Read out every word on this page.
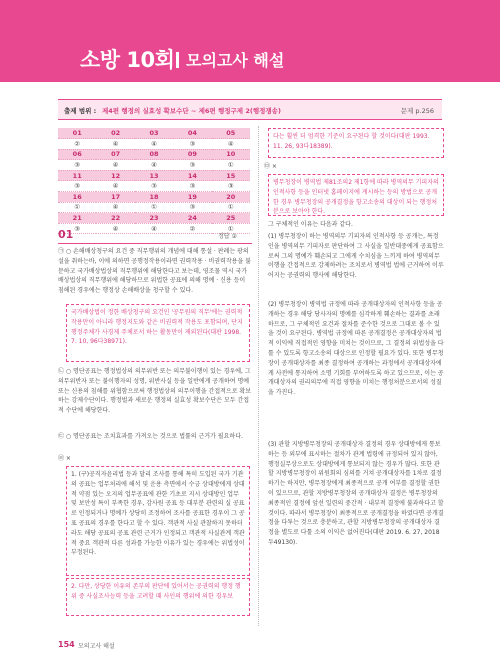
소방 10회 모의고사 해설
출제 범위 : 제4편 행정의 실효성 확보수단 ~ 제6편 행정구제 2(행정쟁송)	문제 p.256
01	02	03	04	05
②	④	④	③	④
06	07	08	09	10
③	④	④	③	①
11	12	13	14	15
③	④	③	③	③
16	17	18	19	20
①	④	①	③	①
21	22	23	24	25
③	④	④	②	①
01	정답 ②
㉠ ○ 손해배상청구의 요건 중 직무행위의 개념에 대해 통설 · 판례는 광의설을 취하는바, 이에 의하면 공행정작용이라면 권력작용 · 비권력작용을 불문하고 국가배상법상의 직무행위에 해당한다고 보는데, 영조물 역시 국가배상법상의 직무행위에 해당하므로 위법한 공표에 의해 명예 · 신용 등이 침해된 경우에는 행정상 손해배상을 청구할 수 있다.
국가배상법이 정한 배상청구의 요건인 '공무원의 직무'에는 권력적 작용만이 아니라 행정지도와 같은 비권력적 작용도 포함되며, 단지 행정주체가 사경제 주체로서 하는 활동만이 제외된다(대판 1998. 7. 10, 96다38971).
㉡ ○ 명단공표는 행정법상의 의무위반 또는 의무불이행이 있는 경우에, 그 의무위반자 또는 불이행자의 성명, 위반사실 등을 일반에게 공개하여 명예 또는 신용의 침해를 위협함으로써 행정법상의 의무이행을 간접적으로 확보하는 강제수단이다. 행정벌과 새로운 행정의 실효성 확보수단은 모두 간접적 수단에 해당한다.
㉢ ○ 명단공표는 조치효과를 가져오는 것으로 법률의 근거가 필요하다.
㉣ ×
1. (구)공직자윤리법 등과 달리 조사를 통해 특히 도입된 국가 기관의 공표는 업무처리에 해석 및 운용 측면에서 수긍 상대방에게 상대적 약점 있는 오지의 업무공표에 관한 기초로 지시 상대방인 업무 및 보안성 특이 부족한 경우, 감사원 공표 등 대부분 관련의 실 공표로 인정되거나 명예가 상당히 조정하여 조사를 공표한 경우이 그 공표 공표의 경우를 한다고 할 수 있다. 객관적 사실 관찰하지 못하더라도 해당 공표의 공표 관련 근거가 인정되고 객관적 사실관계 객관적 중요 객관적 다른 성과를 가능한 이유가 있는 경우에는 위법성이 부정된다.
2. 다만, 상당한 이유의 존부의 판단에 있어서는 공권력의 행정 행위 중 사실조사능력 등을 고려할 때 사인의 행위에 의한 경우보
다는 훨씬 더 엄격한 기준이 요구된다 할 것이다(대판 1993. 11. 26, 93다18389).
㉤ ×
병무청장이 병역법 제81조의2 제1항에 따라 병역의무 기피자의 인적사항 등을 인터넷 홈페이지에 게시하는 등의 방법으로 공개한 경우 병무청장의 공개결정을 항고소송의 대상이 되는 행정처분으로 보아야 한다.
그 구체적인 이유는 다음과 같다.
(1) 병무청장이 하는 병역의무 기피자의 인적사항 등 공개는, 특정인을 병역의무 기피자로 판단하여 그 사실을 일반대중에게 공표함으로써 그의 명예가 훼손되고 그에게 수치심을 느끼게 하여 병역의무이행을 간접적으로 강제하려는 조치로서 병역법 법에 근거하여 이루어지는 공권력의 행사에 해당한다.
(2) 병무청장이 병역법 규정에 따라 공개대상자의 인적사항 등을 공개하는 경우 해당 당사자의 명예를 심각하게 훼손하는 결과를 초래하므로, 그 구체적인 요건과 절차를 준수한 것으로 그대로 볼 수 있을 것이 요구된다. 병역법 규정에 따른 공개결정은 공개대상자의 법적 이익에 직접적인 영향을 미치는 것이므로, 그 결정의 위법성을 다툴 수 있도록 항고소송의 대상으로 인정할 필요가 있다. 또한 병무청장이 공개대상자를 최종 결정하여 공개하는 과정에서 공개대상자에게 사전에 통지하여 소명 기회를 부여하도록 하고 있으므로, 이는 공개대상자의 권리의무에 직접 영향을 미치는 행정처분으로서의 성질을 가진다.
(3) 관할 지방병무청장의 공개대상자 결정의 경우 상대방에게 통보하는 등 외부에 표시하는 절차가 관계 법령에 규정되어 있지 않아, 행정실무상으로도 상대방에게 통보되지 않는 경우가 많다. 또한 관할 지방병무청장이 위원회의 심의를 거쳐 공개대상자를 1차로 결정하기는 하지만, 병무청장에게 최종적으로 공개 여부를 결정할 권한이 있으므로, 관할 지방병무청장의 공개대상자 결정은 병무청장의 최종적인 결정에 앞선 일련의 중간적 · 내부적 결정에 불과하다고 할 것이다. 따라서 병무청장이 최종적으로 공개결정을 하였다면 공개결정을 다투는 것으로 충분하고, 관할 지방병무청장의 공개대상자 결정을 별도로 다툴 소의 이익은 없어진다(대판 2019. 6. 27, 2018두49130).
154 모의고사 해설
